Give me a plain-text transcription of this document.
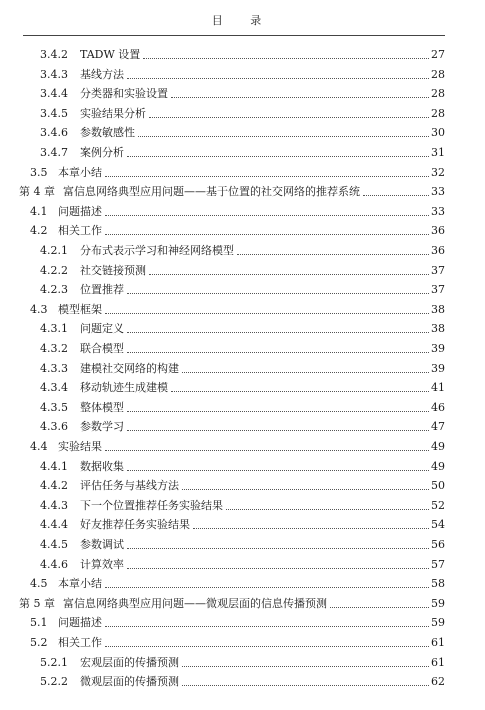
目 录
3.4.2	TADW 设置	27
3.4.3	基线方法	28
3.4.4	分类器和实验设置	28
3.4.5	实验结果分析	28
3.4.6	参数敏感性	30
3.4.7	案例分析	31
3.5 本章小结	32
第 4 章 富信息网络典型应用问题——基于位置的社交网络的推荐系统	33
4.1 问题描述	33
4.2 相关工作	36
4.2.1	分布式表示学习和神经网络模型	36
4.2.2	社交链接预测	37
4.2.3	位置推荐	37
4.3 模型框架	38
4.3.1	问题定义	38
4.3.2	联合模型	39
4.3.3	建模社交网络的构建	39
4.3.4	移动轨迹生成建模	41
4.3.5	整体模型	46
4.3.6	参数学习	47
4.4 实验结果	49
4.4.1	数据收集	49
4.4.2	评估任务与基线方法	50
4.4.3	下一个位置推荐任务实验结果	52
4.4.4	好友推荐任务实验结果	54
4.4.5	参数调试	56
4.4.6	计算效率	57
4.5 本章小结	58
第 5 章 富信息网络典型应用问题——微观层面的信息传播预测	59
5.1 问题描述	59
5.2 相关工作	61
5.2.1	宏观层面的传播预测	61
5.2.2	微观层面的传播预测	62
